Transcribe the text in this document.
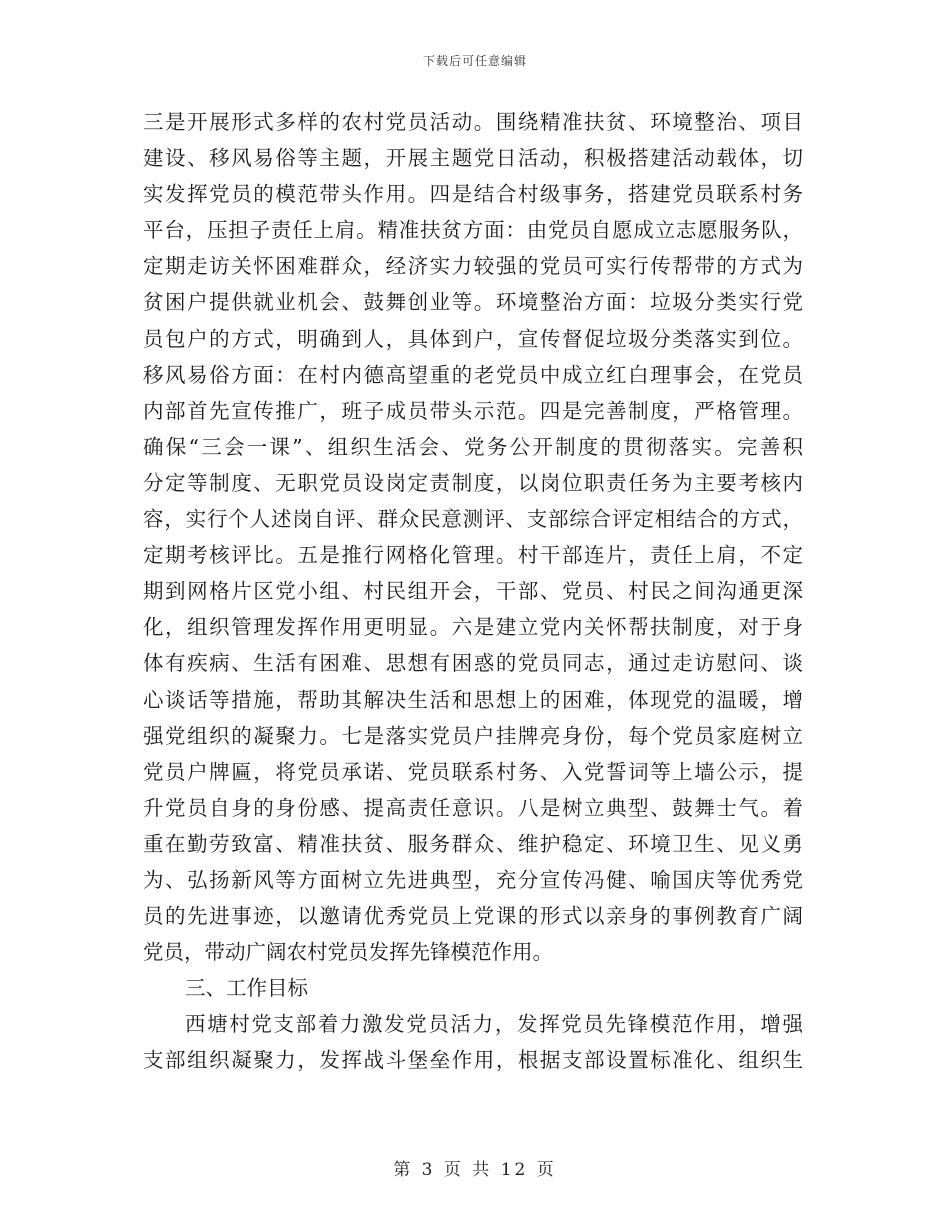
下载后可任意编辑
三是开展形式多样的农村党员活动。围绕精准扶贫、环境整治、项目
建设、移风易俗等主题，开展主题党日活动，积极搭建活动载体，切
实发挥党员的模范带头作用。四是结合村级事务，搭建党员联系村务
平台，压担子责任上肩。精准扶贫方面：由党员自愿成立志愿服务队，
定期走访关怀困难群众，经济实力较强的党员可实行传帮带的方式为
贫困户提供就业机会、鼓舞创业等。环境整治方面：垃圾分类实行党
员包户的方式，明确到人，具体到户，宣传督促垃圾分类落实到位。
移风易俗方面：在村内德高望重的老党员中成立红白理事会，在党员
内部首先宣传推广，班子成员带头示范。四是完善制度，严格管理。
确保“三会一课”、组织生活会、党务公开制度的贯彻落实。完善积
分定等制度、无职党员设岗定责制度，以岗位职责任务为主要考核内
容，实行个人述岗自评、群众民意测评、支部综合评定相结合的方式，
定期考核评比。五是推行网格化管理。村干部连片，责任上肩，不定
期到网格片区党小组、村民组开会，干部、党员、村民之间沟通更深
化，组织管理发挥作用更明显。六是建立党内关怀帮扶制度，对于身
体有疾病、生活有困难、思想有困惑的党员同志，通过走访慰问、谈
心谈话等措施，帮助其解决生活和思想上的困难，体现党的温暖，增
强党组织的凝聚力。七是落实党员户挂牌亮身份，每个党员家庭树立
党员户牌匾，将党员承诺、党员联系村务、入党誓词等上墙公示，提
升党员自身的身份感、提高责任意识。八是树立典型、鼓舞士气。着
重在勤劳致富、精准扶贫、服务群众、维护稳定、环境卫生、见义勇
为、弘扬新风等方面树立先进典型，充分宣传冯健、喻国庆等优秀党
员的先进事迹，以邀请优秀党员上党课的形式以亲身的事例教育广阔
党员，带动广阔农村党员发挥先锋模范作用。
三、工作目标
西塘村党支部着力激发党员活力，发挥党员先锋模范作用，增强
支部组织凝聚力，发挥战斗堡垒作用，根据支部设置标准化、组织生
第 3 页 共 12 页
